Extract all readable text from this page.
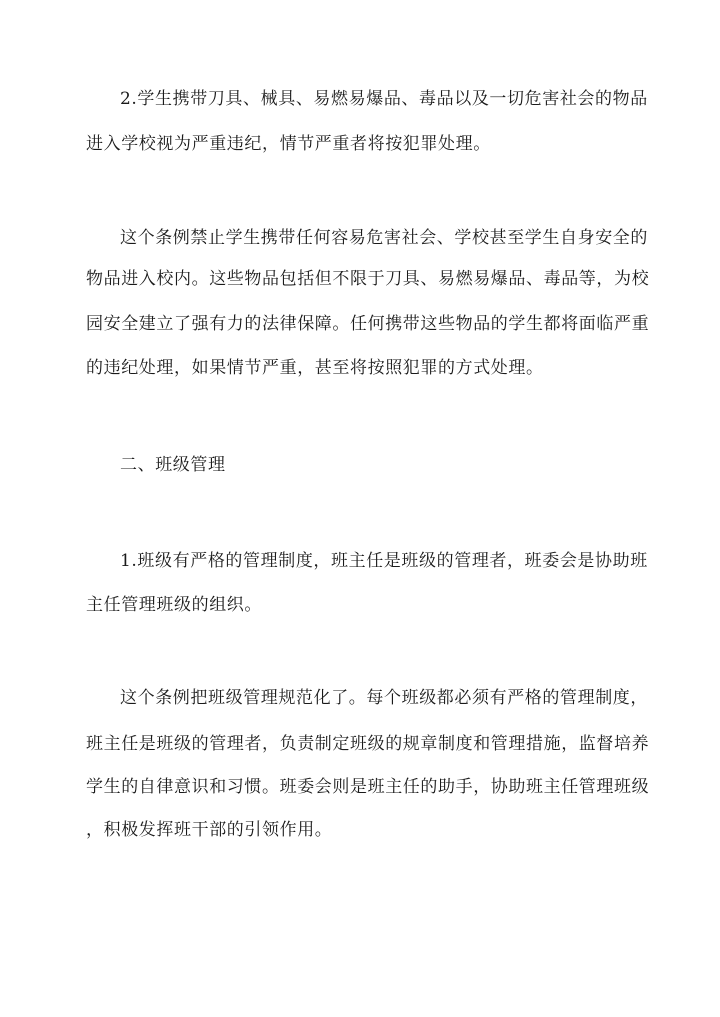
2.学生携带刀具、械具、易燃易爆品、毒品以及一切危害社会的物品
进入学校视为严重违纪，情节严重者将按犯罪处理。
这个条例禁止学生携带任何容易危害社会、学校甚至学生自身安全的
物品进入校内。这些物品包括但不限于刀具、易燃易爆品、毒品等，为校
园安全建立了强有力的法律保障。任何携带这些物品的学生都将面临严重
的违纪处理，如果情节严重，甚至将按照犯罪的方式处理。
二、班级管理
1.班级有严格的管理制度，班主任是班级的管理者，班委会是协助班
主任管理班级的组织。
这个条例把班级管理规范化了。每个班级都必须有严格的管理制度，
班主任是班级的管理者，负责制定班级的规章制度和管理措施，监督培养
学生的自律意识和习惯。班委会则是班主任的助手，协助班主任管理班级
，积极发挥班干部的引领作用。
